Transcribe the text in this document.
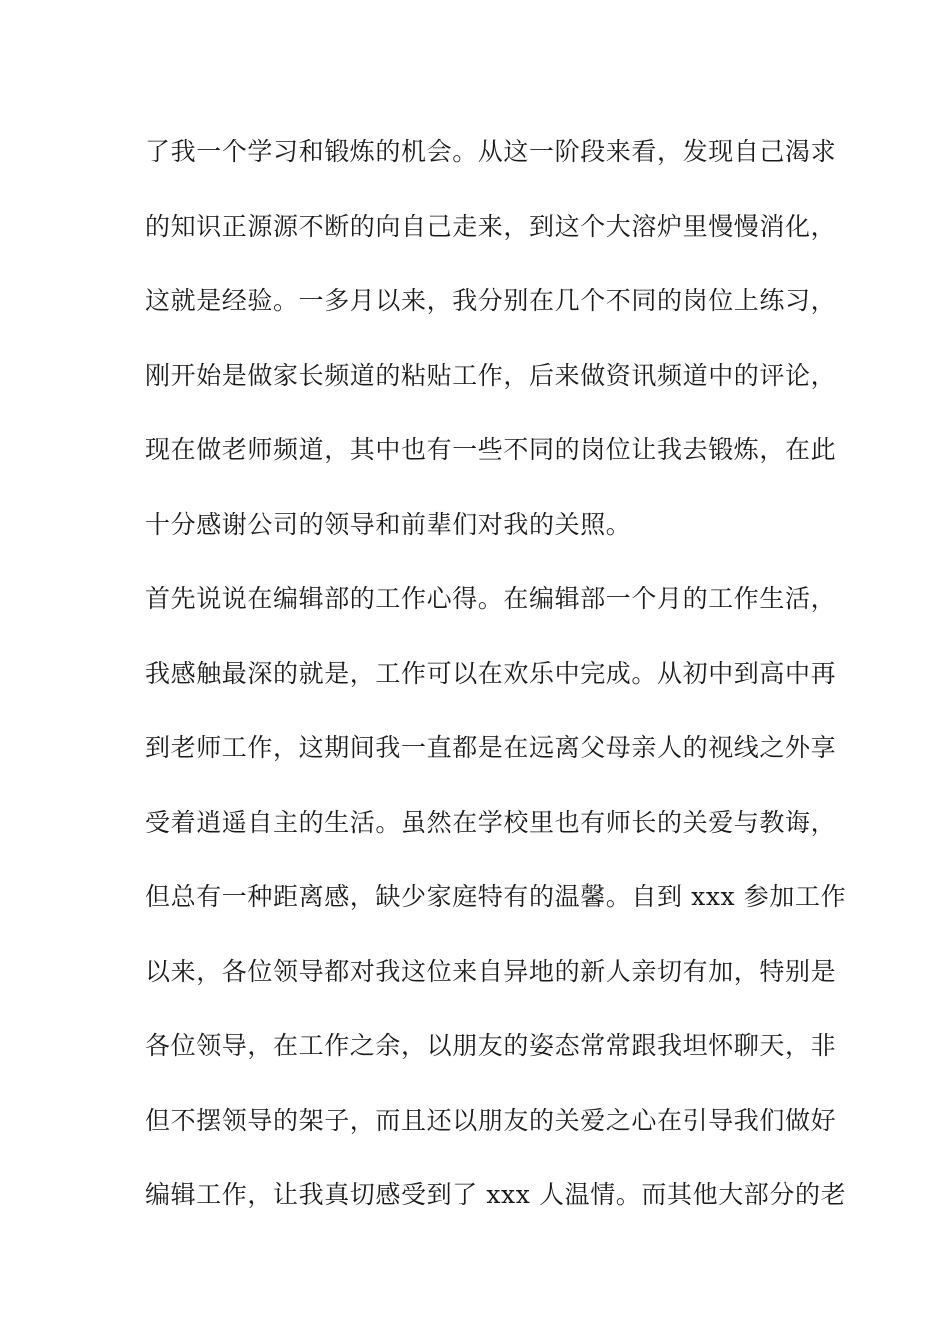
了我一个学习和锻炼的机会。从这一阶段来看，发现自己渴求
的知识正源源不断的向自己走来，到这个大溶炉里慢慢消化，
这就是经验。一多月以来，我分别在几个不同的岗位上练习，
刚开始是做家长频道的粘贴工作，后来做资讯频道中的评论，
现在做老师频道，其中也有一些不同的岗位让我去锻炼，在此
十分感谢公司的领导和前辈们对我的关照。
首先说说在编辑部的工作心得。在编辑部一个月的工作生活，
我感触最深的就是，工作可以在欢乐中完成。从初中到高中再
到老师工作，这期间我一直都是在远离父母亲人的视线之外享
受着逍遥自主的生活。虽然在学校里也有师长的关爱与教诲，
但总有一种距离感，缺少家庭特有的温馨。自到 xxx 参加工作
以来，各位领导都对我这位来自异地的新人亲切有加，特别是
各位领导，在工作之余，以朋友的姿态常常跟我坦怀聊天，非
但不摆领导的架子，而且还以朋友的关爱之心在引导我们做好
编辑工作，让我真切感受到了 xxx 人温情。而其他大部分的老
